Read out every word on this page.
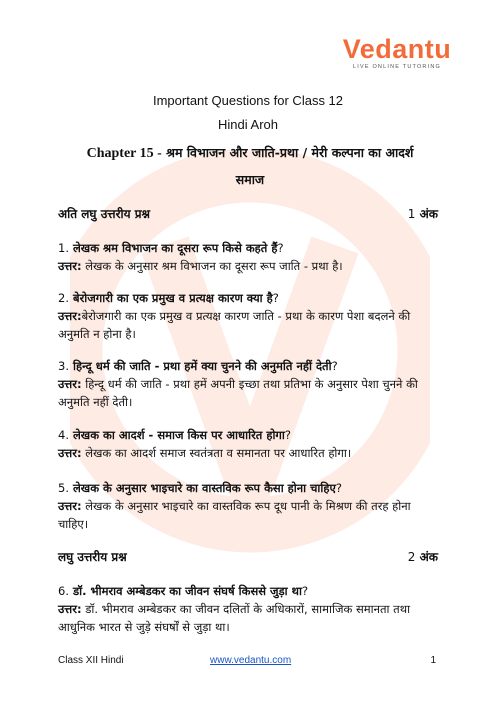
Vedantu
LIVE ONLINE TUTORING
Important Questions for Class 12
Hindi Aroh
Chapter 15 - श्रम विभाजन और जाति-प्रथा / मेरी कल्पना का आदर्श
समाज
अति लघु उत्तरीय प्रश्न	1 अंक
1. लेखक श्रम विभाजन का दूसरा रूप किसे कहते हैं?
उत्तर: लेखक के अनुसार श्रम विभाजन का दूसरा रूप जाति - प्रथा है।
2. बेरोजगारी का एक प्रमुख व प्रत्यक्ष कारण क्या है?
उत्तर:बेरोजगारी का एक प्रमुख व प्रत्यक्ष कारण जाति - प्रथा के कारण पेशा बदलने की अनुमति न होना है।
3. हिन्दू धर्म की जाति - प्रथा हमें क्या चुनने की अनुमति नहीं देती?
उत्तर: हिन्दू धर्म की जाति - प्रथा हमें अपनी इच्छा तथा प्रतिभा के अनुसार पेशा चुनने की अनुमति नहीं देती।
4. लेखक का आदर्श - समाज किस पर आधारित होगा?
उत्तर: लेखक का आदर्श समाज स्वतंत्रता व समानता पर आधारित होगा।
5. लेखक के अनुसार भाइचारे का वास्तविक रूप कैसा होना चाहिए?
उत्तर: लेखक के अनुसार भाइचारे का वास्तविक रूप दूध पानी के मिश्रण की तरह होना चाहिए।
लघु उत्तरीय प्रश्न	2 अंक
6. डॉ. भीमराव अम्बेडकर का जीवन संघर्ष किससे जुड़ा था?
उत्तर: डॉ. भीमराव अम्बेडकर का जीवन दलितों के अधिकारों, सामाजिक समानता तथा आधुनिक भारत से जुड़े संघर्षों से जुड़ा था।
Class XII Hindi	www.vedantu.com	1
